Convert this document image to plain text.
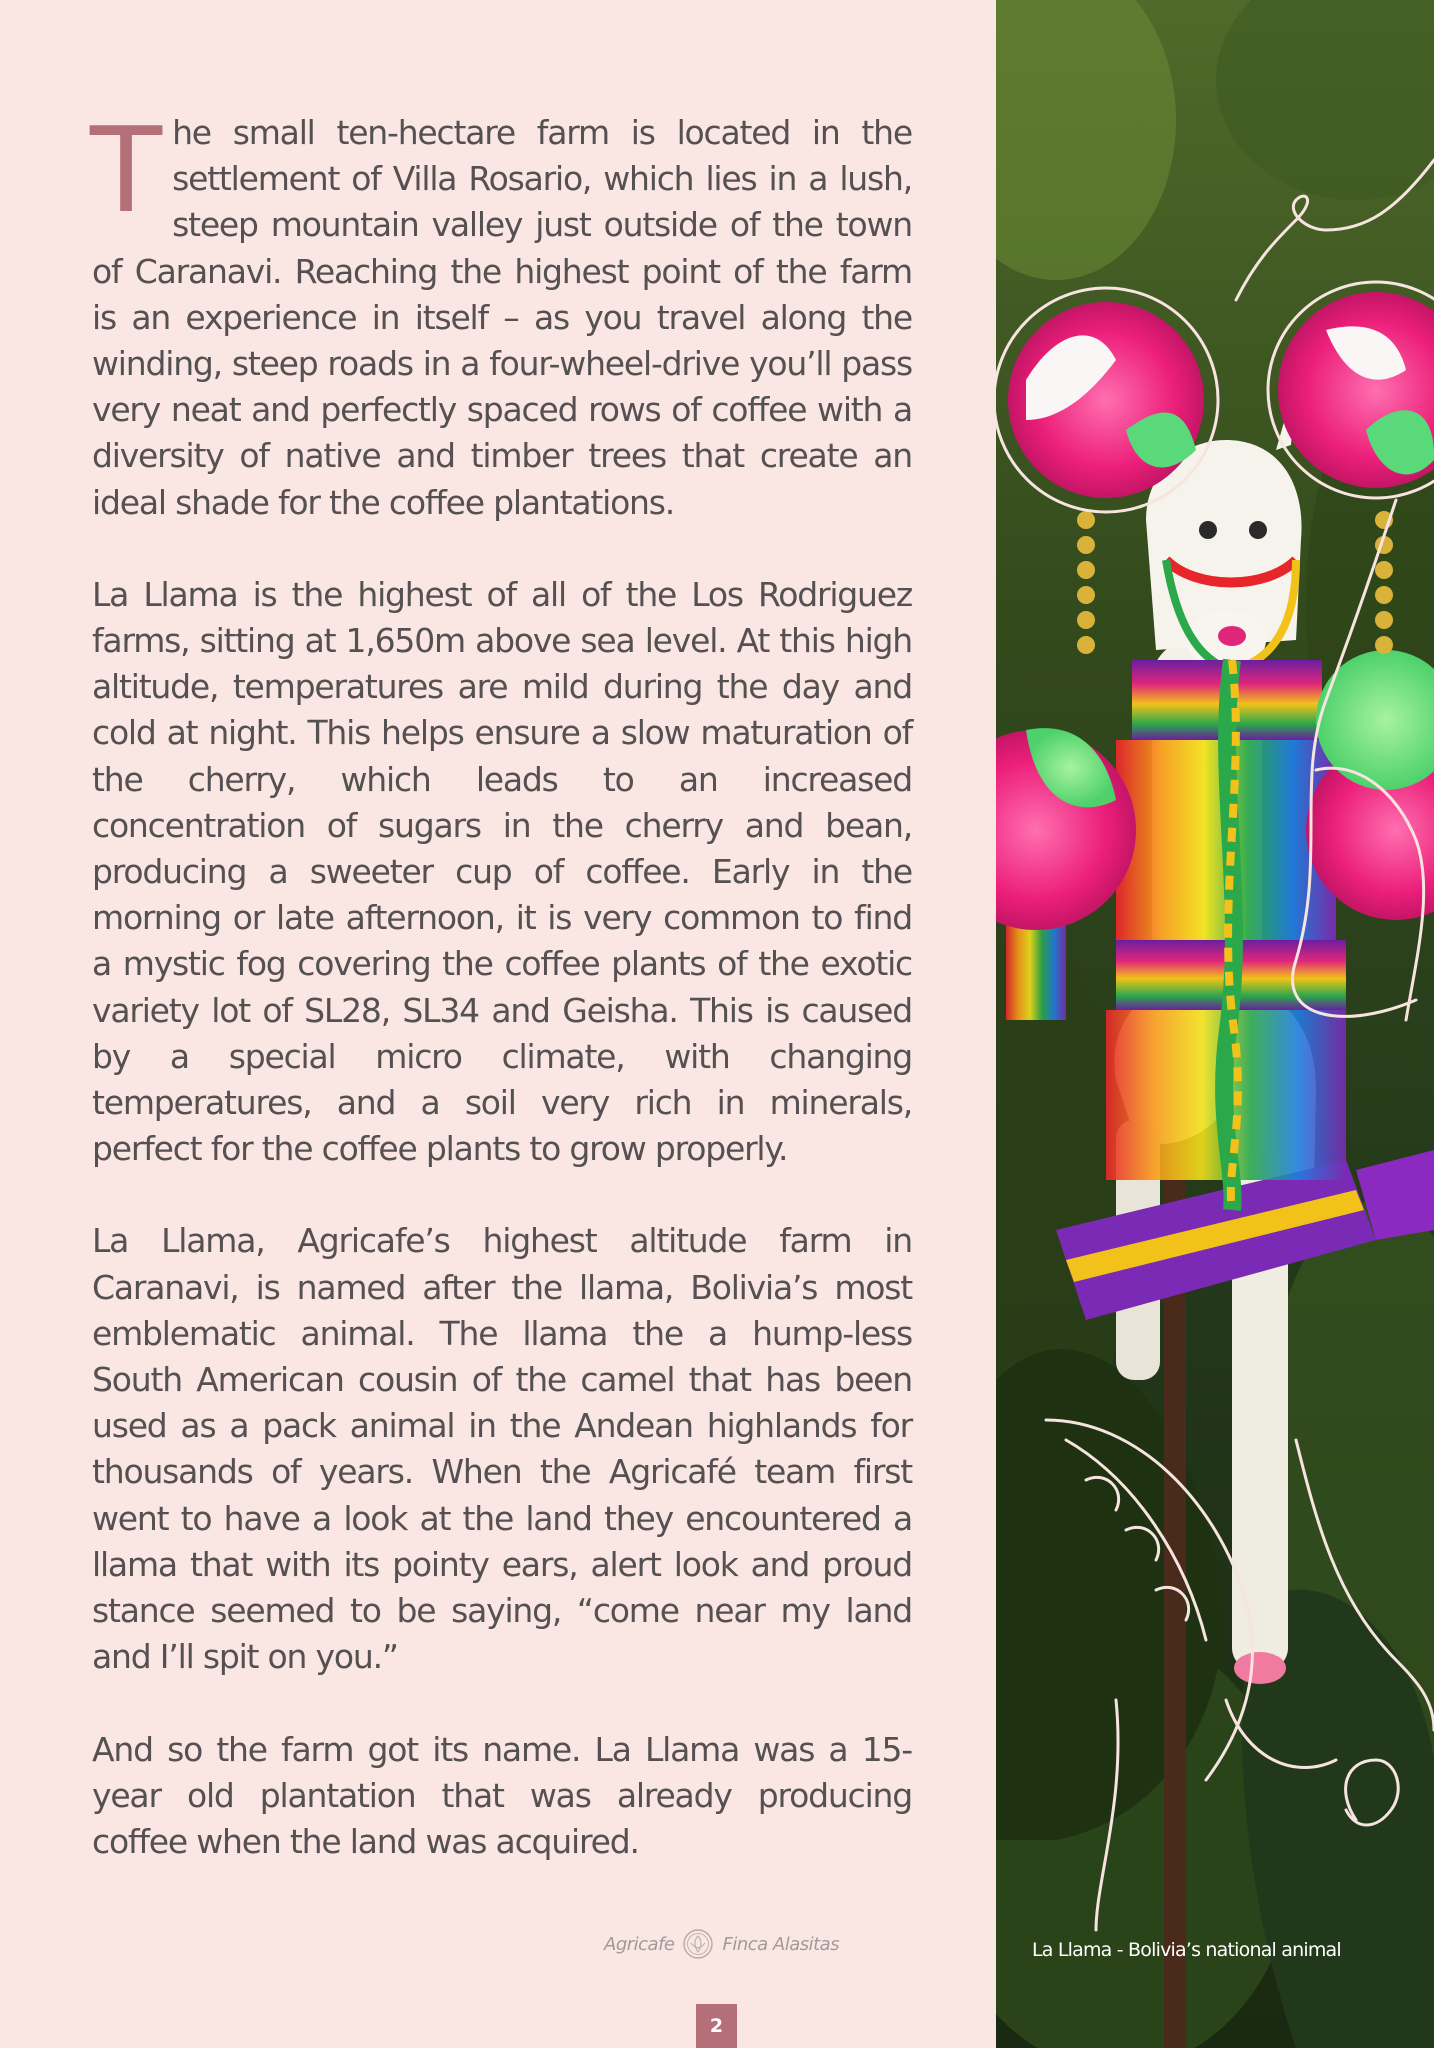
The small ten-hectare farm is located in the settlement of Villa Rosario, which lies in a lush, steep mountain valley just outside of the town of Caranavi. Reaching the highest point of the farm is an experience in itself – as you travel along the winding, steep roads in a four-wheel-drive you’ll pass very neat and perfectly spaced rows of coffee with a diversity of native and timber trees that create an ideal shade for the coffee plantations.

La Llama is the highest of all of the Los Rodriguez farms, sitting at 1,650m above sea level. At this high altitude, temperatures are mild during the day and cold at night. This helps ensure a slow maturation of the cherry, which leads to an increased concentration of sugars in the cherry and bean, producing a sweeter cup of coffee. Early in the morning or late afternoon, it is very common to find a mystic fog covering the coffee plants of the exotic variety lot of SL28, SL34 and Geisha. This is caused by a special micro climate, with changing temperatures, and a soil very rich in minerals, perfect for the coffee plants to grow properly.

La Llama, Agricafe’s highest altitude farm in Caranavi, is named after the llama, Bolivia’s most emblematic animal. The llama the a hump-less South American cousin of the camel that has been used as a pack animal in the Andean highlands for thousands of years. When the Agricafé team first went to have a look at the land they encountered a llama that with its pointy ears, alert look and proud stance seemed to be saying, “come near my land and I’ll spit on you.”

And so the farm got its name. La Llama was a 15-year old plantation that was already producing coffee when the land was acquired.

Agricafe	Finca Alasitas
2
La Llama - Bolivia’s national animal
